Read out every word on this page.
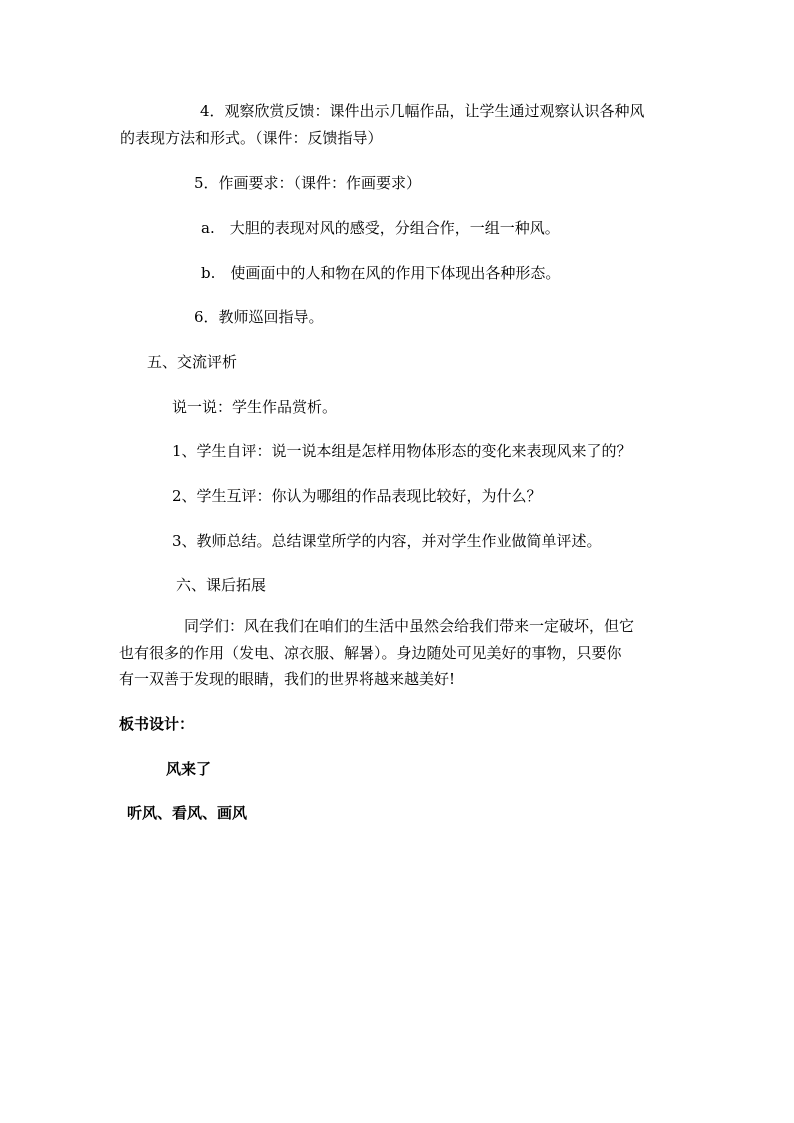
4．观察欣赏反馈：课件出示几幅作品，让学生通过观察认识各种风
的表现方法和形式。（课件：反馈指导）
5．作画要求：（课件：作画要求）
a.　大胆的表现对风的感受，分组合作，一组一种风。
b.　使画面中的人和物在风的作用下体现出各种形态。
6．教师巡回指导。
五、交流评析
说一说：学生作品赏析。
1、学生自评：说一说本组是怎样用物体形态的变化来表现风来了的？
2、学生互评：你认为哪组的作品表现比较好，为什么？
3、教师总结。总结课堂所学的内容，并对学生作业做简单评述。
六、课后拓展
同学们：风在我们在咱们的生活中虽然会给我们带来一定破坏，但它
也有很多的作用（发电、凉衣服、解暑）。身边随处可见美好的事物，只要你
有一双善于发现的眼睛，我们的世界将越来越美好!
板书设计：
风来了
听风、看风、画风
